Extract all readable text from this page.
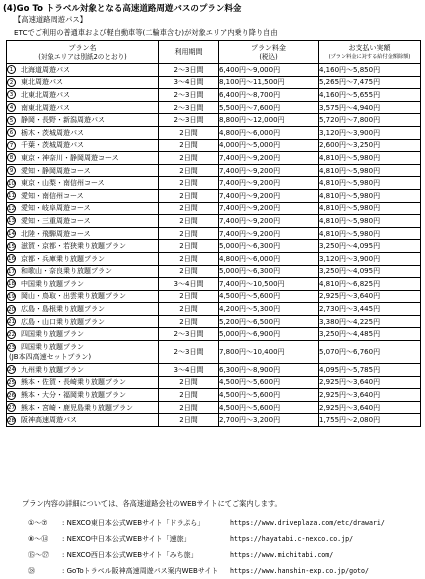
(4)Go To トラベル対象となる高速道路周遊バスのプラン料金
【高速道路周遊パス】
ETCでご利用の普通車および軽自動車等(二輪車含む)が対象エリア内乗り降り自由
プラン名
(対象エリアは別紙2のとおり)	利用期間	プラン料金
(税込)	お支払い実額
(プラン料金に対する給付金額除額)

1 北海道周遊パス	2〜3日間	6,400円〜9,000円	4,160円〜5,850円
2 東北周遊パス	3〜4日間	8,100円〜11,500円	5,265円〜7,475円
3 北東北周遊パス	2〜3日間	6,400円〜8,700円	4,160円〜5,655円
4 南東北周遊パス	2〜3日間	5,500円〜7,600円	3,575円〜4,940円
5 静岡・長野・新潟周遊パス	2〜3日間	8,800円〜12,000円	5,720円〜7,800円
6 栃木・茨城周遊パス	2日間	4,800円〜6,000円	3,120円〜3,900円
7 千葉・茨城周遊パス	2日間	4,000円〜5,000円	2,600円〜3,250円
8 東京・神奈川・静岡周遊コース	2日間	7,400円〜9,200円	4,810円〜5,980円
9 愛知・静岡周遊コース	2日間	7,400円〜9,200円	4,810円〜5,980円
10 東京・山梨・南信州コース	2日間	7,400円〜9,200円	4,810円〜5,980円
11 愛知・南信州コース	2日間	7,400円〜9,200円	4,810円〜5,980円
12 愛知・岐阜周遊コース	2日間	7,400円〜9,200円	4,810円〜5,980円
13 愛知・三重周遊コース	2日間	7,400円〜9,200円	4,810円〜5,980円
14 北陸・飛騨周遊コース	2日間	7,400円〜9,200円	4,810円〜5,980円
15 滋賀・京都・若狭乗り放題プラン	2日間	5,000円〜6,300円	3,250円〜4,095円
16 京都・兵庫乗り放題プラン	2日間	4,800円〜6,000円	3,120円〜3,900円
17 和歌山・奈良乗り放題プラン	2日間	5,000円〜6,300円	3,250円〜4,095円
18 中国乗り放題プラン	3〜4日間	7,400円〜10,500円	4,810円〜6,825円
19 岡山・鳥取・出雲乗り放題プラン	2日間	4,500円〜5,600円	2,925円〜3,640円
20 広島・島根乗り放題プラン	2日間	4,200円〜5,300円	2,730円〜3,445円
21 広島・山口乗り放題プラン	2日間	5,200円〜6,500円	3,380円〜4,225円
22 四国乗り放題プラン	2〜3日間	5,000円〜6,900円	3,250円〜4,485円
23 四国乗り放題プラン
(JB本四高速セットプラン)	2〜3日間	7,800円〜10,400円	5,070円〜6,760円
24 九州乗り放題プラン	3〜4日間	6,300円〜8,900円	4,095円〜5,785円
25 熊本・佐賀・長崎乗り放題プラン	2日間	4,500円〜5,600円	2,925円〜3,640円
26 熊本・大分・福岡乗り放題プラン	2日間	4,500円〜5,600円	2,925円〜3,640円
27 熊本・宮崎・鹿児島乗り放題プラン	2日間	4,500円〜5,600円	2,925円〜3,640円
28 阪神高速周遊パス	2日間	2,700円〜3,200円	1,755円〜2,080円
プラン内容の詳細については、各高速道路会社のWEBサイトにてご案内します。
①〜⑦ : NEXCO東日本公式WEBサイト「ドラぷら」	https://www.driveplaza.com/etc/drawari/
⑧〜⑭ : NEXCO中日本公式WEBサイト「速旅」	https://hayatabi.c-nexco.co.jp/
⑮〜㉗ : NEXCO西日本公式WEBサイト「みち旅」	https://www.michitabi.com/
㉘	: GoToトラベル阪神高速周遊パス案内WEBサイト https://www.hanshin-exp.co.jp/goto/
